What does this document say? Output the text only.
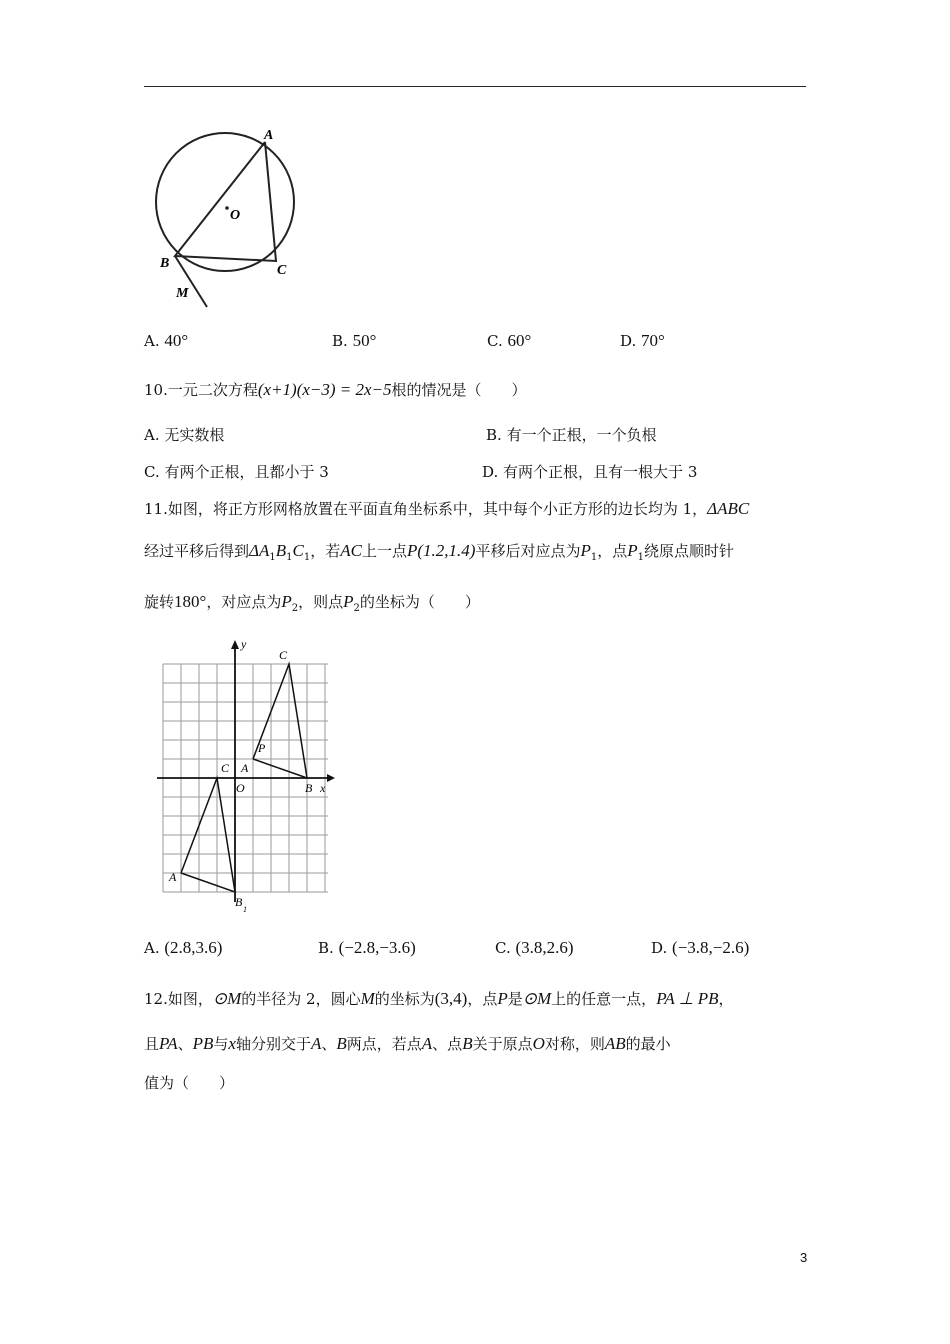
A
O
B	C
M
A. 40°	B. 50°	C. 60°	D. 70°
10.一元二次方程(x+1)(x−3) = 2x−5根的情况是（　　）
A. 无实数根	B. 有一个正根，一个负根
C. 有两个正根，且都小于 3	D. 有两个正根，且有一根大于 3
11.如图，将正方形网格放置在平面直角坐标系中，其中每个小正方形的边长均为 1，ΔABC
经过平移后得到$\Delta A_1B_1C_1$，若AC上一点P(1.2,1.4)平移后对应点为$P_1$，点$P_1$绕原点顺时针
旋转180°，对应点为$P_2$，则点$P_2$的坐标为（　　）
y
x
C
P
A
C
O	B
A
B
1
A. (2.8,3.6)	B. (−2.8,−3.6)	C. (3.8,2.6)	D. (−3.8,−2.6)
12.如图，⊙M的半径为 2，圆心M的坐标为(3,4)，点P是⊙M上的任意一点，PA ⊥ PB，
且PA、PB与x轴分别交于A、B两点，若点A、点B关于原点O对称，则AB的最小
值为（　　）
3
